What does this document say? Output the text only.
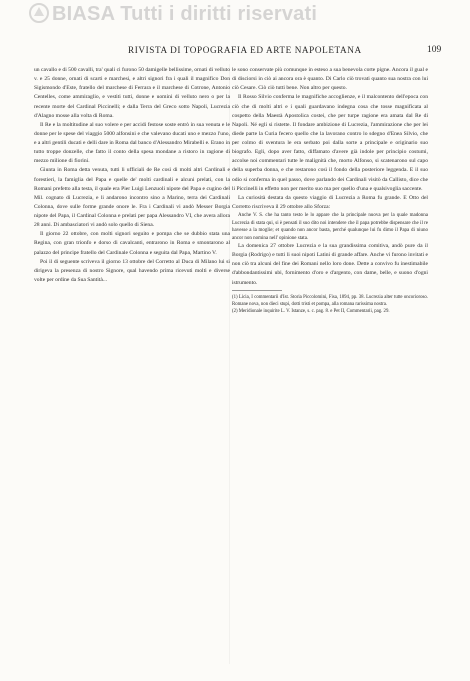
BIASA Tutti i diritti riservati
RIVISTA DI TOPOGRAFIA ED ARTE NAPOLETANA	109

un cavallo e di 500 cavalli, tra' quali ci furono 50 damigelle bellissime, ornati di velluto v. e 25 donne, ornati di scarti e marchesi, e altri signori fra i quali il magnifico Don Sigismondo d'Este, fratello del marchese di Ferrara e il marchese di Cotrone, Antonio Centelles, come ammiraglio, e vestiti tutti, donne e uomini di velluto nero o per la recente morte del Cardinal Piccinelli; e dalla Terra del Greco sotto Napoli, Lucrezia d'Alagno mosse alla volta di Roma.

Il Re e la moltitudine al suo volere e per accidi festose soste entrò in sua venuta e le donne per le spese del viaggio 5000 alfonsini e che valevano ducati uno e mezzo l'uno, e a altri gentili ducati e delli dare in Roma dal banco d'Alessandro Mirabelli e. Erano in tutto troppe donzelle, che fatto il conto della spesa mondane a ristoro in ragione di mezzo milione di fiorini.

Giunta in Roma detta venuta, tutti li ufficiali de Re così di molti altri Cardinali e forestieri, la famiglia del Papa e quelle de' molti cardinali e alcuni prelati, con la Romani prefetto alla testa, il quale era Pier Luigi Lenzuoli nipote del Papa e cugino del Mil. cognato di Lucrezia, e li andarono incontro sino a Marino, terra dei Cardinali Colonna, dove sulle forme grande onore le. Fra i Cardinali vi andò Messer Borgia nipote del Papa, il Cardinal Colonna e prelati per papa Alessandro VI, che avera allora 28 anni. Di ambasciatori vi andò solo quello di Siena.

Il giorno 22 ottobre, con molti signori seguito e pompa che se dubbio stata una Regina, con gran trionfo e dorso di cavalcanti, entrarono in Roma e smontarono al palazzo del principe fratello del Cardinale Colonna e seguita dal Papa, Martino V.

Poi il di seguente scriveva il giorno 13 ottobre del Corretto al Duca di Milano lui si dirigeva la presenza di nostro Signore, qual havendo prima ricevuti molti e diverse volte per ordine da Sua Santità...

le sono conservate più comunque in esteso a sua benevola corte pigne. Ancora il gual e di disciorsi in ciò ai ancora ora è quanto. Di Carlo ciò trovati quanto sua nostra con lui ciò Cesare. Ciò ciò tutti bene. Non altro per questo.

Il Rosso Silvio conferma le magnifiche accoglienze, e il malcontento dell'epoca con ciò che di molti altri e i quali guardavano indegna cosa che tosse magnificata al cospetto della Maestà Apostolica costei, che per turpe ragione era amata dal Re di Napoli. Né egli si ristette. Il fondare ambizione di Lucrezia, l'ammirazione che per lei diede parte la Curia fecero quello che la lavorano contro lo sdegno d'Enea Silvio, che per colmo di sventura le era serbato poi dalla sorte a principale e originario suo biografo. Egli, dopo aver fatto, diffamato d'avere già indole per principio costumi, accolse noi commentari tutte le malignità che, morto Alfonso, si scatenarono sul capo della superba donna, e che restarono così il fondo della posteriore leggenda. E il suo odio si conferma in quel passo, dove parlando dei Cardinali visitò da Callisto, dice che li Piccinelli in effetto non per merito suo ma per quello d'una e qualsivoglia saccente.

La curiosità destata da questo viaggio di Lucrezia a Roma fu grande. E Otto del Corretto riscriveva il 29 ottobre allo Sforza:

Anche V. S. che ha tanto testo le lo appare che la principale nuova per la quale madonna Lucrezia di stata qui, si è pensati il suo dito noi intendere che il papa potrebbe dispensare che il re havesse a la moglie; et quando non ancor basta, perché qualunque lui fu dimo il Papa di niuno ancor non nomina nell' opinione stata.

La domenica 27 ottobre Lucrezia e la sua grandissima comitiva, andò pure da il Borgia (Rodrigo) e tutti li suoi nipoti Latini di grande affare. Anche vi furono invitati e non ciò tra alcuni del fine dei Romani nello loro done. Dette a convivo fu inestimabile d'abbondantissimi ubi, fornimento d'oro e d'argento, con dame, belle, e suono d'ogni istrumento.

(1) Licia, I commentarii d'Ist. Storia Piccolomini, Fisa, 1894, pp. 38. Lucrezia alter tutte oncorioroso. Romane nova, non dieci stupi, dotti tristi et pompa, alla romana rarissima nostra.

(2) Meridionale inquirite L. V. Istanze, s. c. pag. 8. e Pet II, Commentarii, pag. 29.
